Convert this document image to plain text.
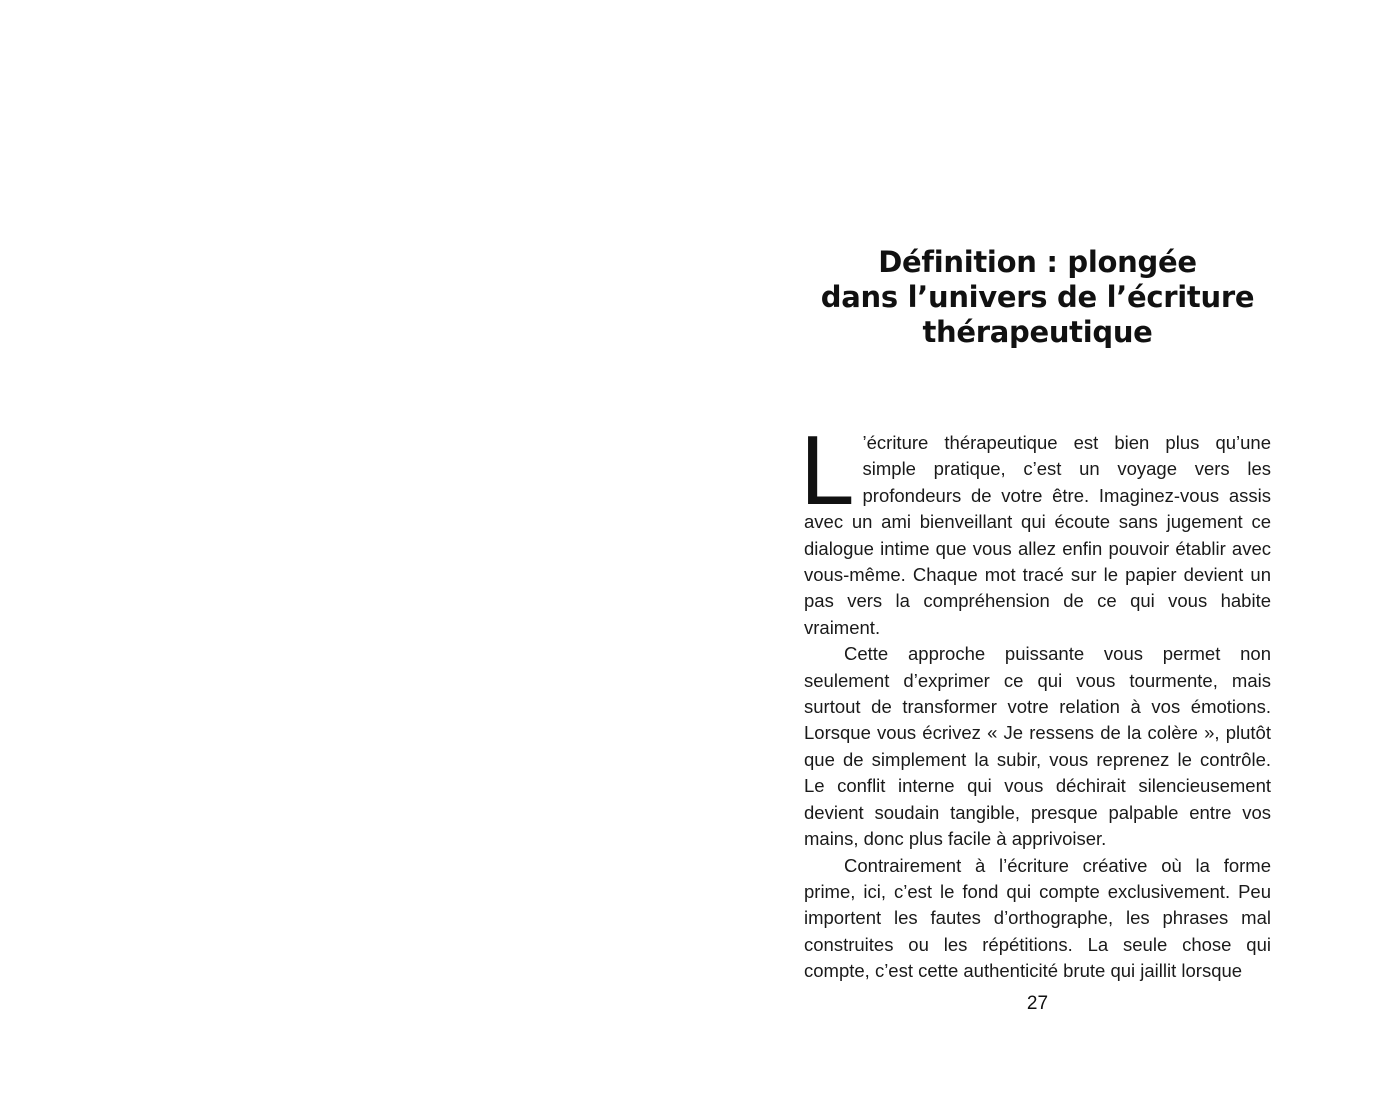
Définition : plongée
dans l’univers de l’écriture
thérapeutique

L ’écriture thérapeutique est bien plus qu’une simple pratique, c’est un voyage vers les profondeurs de votre être. Imaginez-vous assis avec un ami bienveillant qui écoute sans jugement ce dialogue intime que vous allez enfin pouvoir établir avec vous-même. Chaque mot tracé sur le papier devient un pas vers la compréhension de ce qui vous habite vraiment.

Cette approche puissante vous permet non seulement d’exprimer ce qui vous tourmente, mais surtout de transformer votre relation à vos émotions. Lorsque vous écrivez « Je ressens de la colère », plutôt que de simplement la subir, vous reprenez le contrôle. Le conflit interne qui vous déchirait silencieusement devient soudain tangible, presque palpable entre vos mains, donc plus facile à apprivoiser.

Contrairement à l’écriture créative où la forme prime, ici, c’est le fond qui compte exclusivement. Peu importent les fautes d’orthographe, les phrases mal construites ou les répétitions. La seule chose qui compte, c’est cette authenticité brute qui jaillit lorsque

27
